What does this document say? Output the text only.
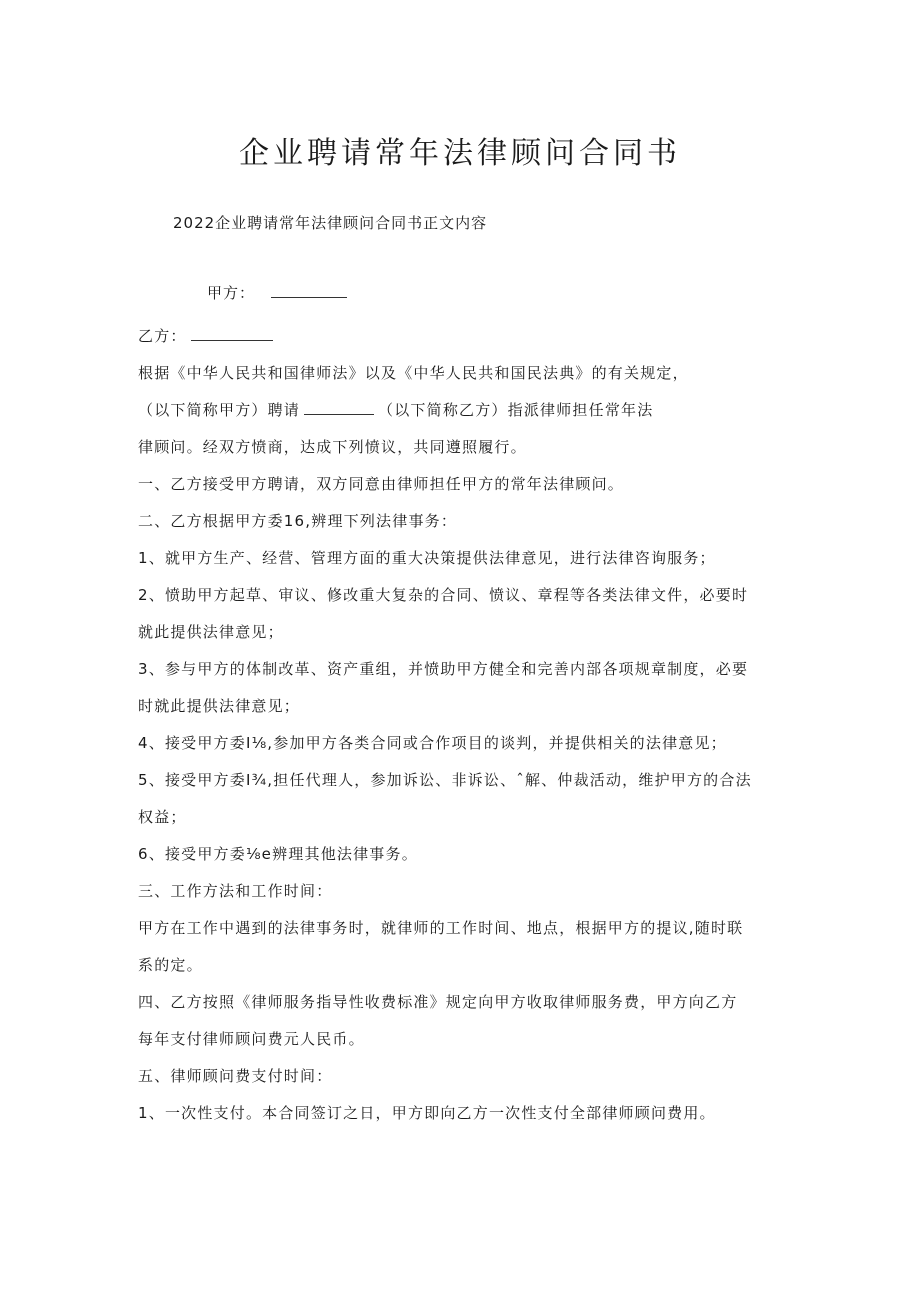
企业聘请常年法律顾问合同书
2022企业聘请常年法律顾问合同书正文内容
甲方：

乙方：

根据《中华人民共和国律师法》以及《中华人民共和国民法典》的有关规定，

（以下简称甲方）聘请	（以下简称乙方）指派律师担任常年法

律顾问。经双方愤商，达成下列愤议，共同遵照履行。

一、乙方接受甲方聘请，双方同意由律师担任甲方的常年法律顾问。

二、乙方根据甲方委16,辨理下列法律事务：

1、就甲方生产、经营、管理方面的重大决策提供法律意见，进行法律咨询服务；

2、愤助甲方起草、审议、修改重大复杂的合同、愤议、章程等各类法律文件，必要时

就此提供法律意见；

3、参与甲方的体制改革、资产重组，并愤助甲方健全和完善内部各项规章制度，必要

时就此提供法律意见；

4、接受甲方委I⅛,参加甲方各类合同或合作项目的谈判，并提供相关的法律意见；

5、接受甲方委I¾,担任代理人，参加诉讼、非诉讼、ˆ解、仲裁活动，维护甲方的合法

权益；

6、接受甲方委⅛e辨理其他法律事务。

三、工作方法和工作时间：

甲方在工作中遇到的法律事务时，就律师的工作时间、地点，根据甲方的提议,随时联

系的定。

四、乙方按照《律师服务指导性收费标准》规定向甲方收取律师服务费，甲方向乙方

每年支付律师顾问费元人民币。

五、律师顾问费支付时间：

1、一次性支付。本合同签订之日，甲方即向乙方一次性支付全部律师顾问费用。
